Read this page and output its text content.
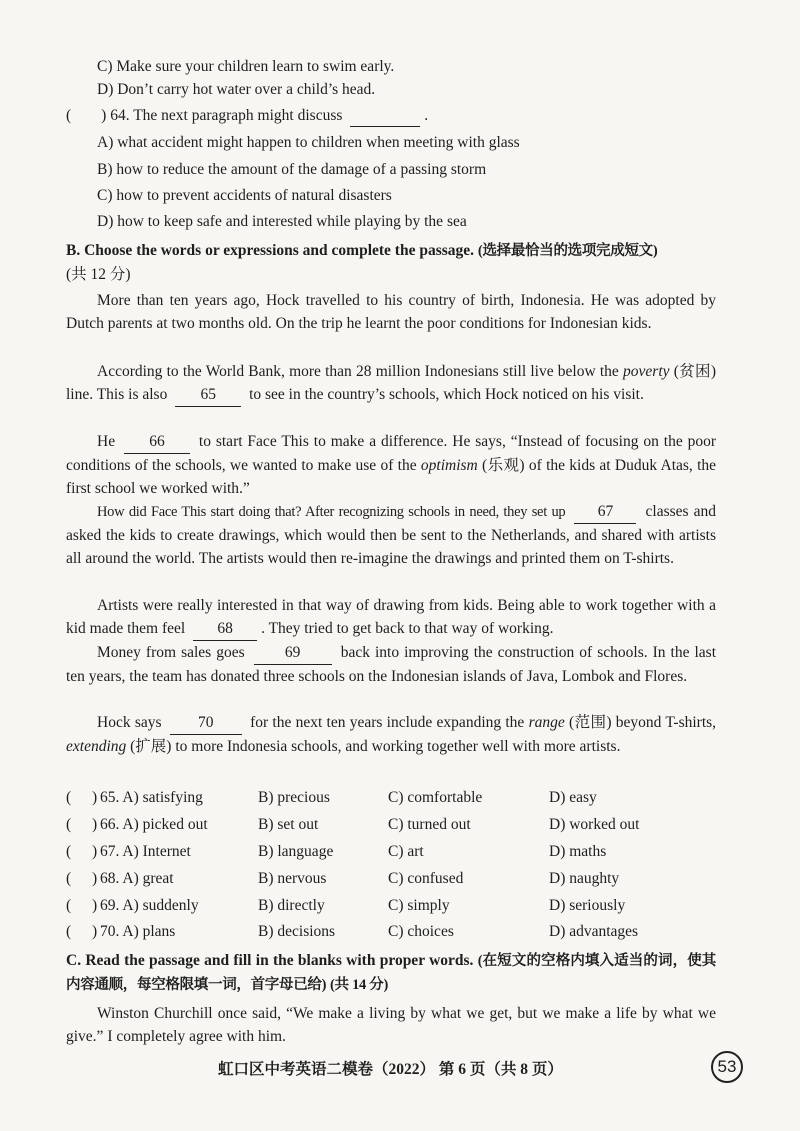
C) Make sure your children learn to swim early.
D) Don’t carry hot water over a child’s head.
( ) 64. The next paragraph might discuss	.
A) what accident might happen to children when meeting with glass
B) how to reduce the amount of the damage of a passing storm
C) how to prevent accidents of natural disasters
D) how to keep safe and interested while playing by the sea
B. Choose the words or expressions and complete the passage. (选择最恰当的选项完成短文)
(共 12 分)
More than ten years ago, Hock travelled to his country of birth, Indonesia. He was adopted by Dutch parents at two months old. On the trip he learnt the poor conditions for Indonesian kids.
According to the World Bank, more than 28 million Indonesians still live below the poverty (贫困) line. This is also 65 to see in the country’s schools, which Hock noticed on his visit.
He 66 to start Face This to make a difference. He says, “Instead of focusing on the poor conditions of the schools, we wanted to make use of the optimism (乐观) of the kids at Duduk Atas, the first school we worked with.”
How did Face This start doing that? After recognizing schools in need, they set up 67 classes and asked the kids to create drawings, which would then be sent to the Netherlands, and shared with artists all around the world. The artists would then re-imagine the drawings and printed them on T-shirts.
Artists were really interested in that way of drawing from kids. Being able to work together with a kid made them feel 68 . They tried to get back to that way of working.
Money from sales goes	69	back into improving the construction of schools. In the last ten years, the team has donated three schools on the Indonesian islands of Java, Lombok and Flores.
Hock says 70 for the next ten years include expanding the range (范围) beyond T-shirts, extending (扩展) to more Indonesia schools, and working together well with more artists.
( ) 65. A) satisfying	B) precious	C) comfortable	D) easy
( ) 66. A) picked out	B) set out	C) turned out	D) worked out
( ) 67. A) Internet	B) language	C) art	D) maths
( ) 68. A) great	B) nervous	C) confused	D) naughty
( ) 69. A) suddenly	B) directly	C) simply	D) seriously
( ) 70. A) plans	B) decisions	C) choices	D) advantages
C. Read the passage and fill in the blanks with proper words. (在短文的空格内填入适当的词，使其内容通顺，每空格限填一词，首字母已给) (共 14 分)
Winston Churchill once said, “We make a living by what we get, but we make a life by what we give.” I completely agree with him.
虹口区中考英语二模卷（2022） 第 6 页（共 8 页）	53
